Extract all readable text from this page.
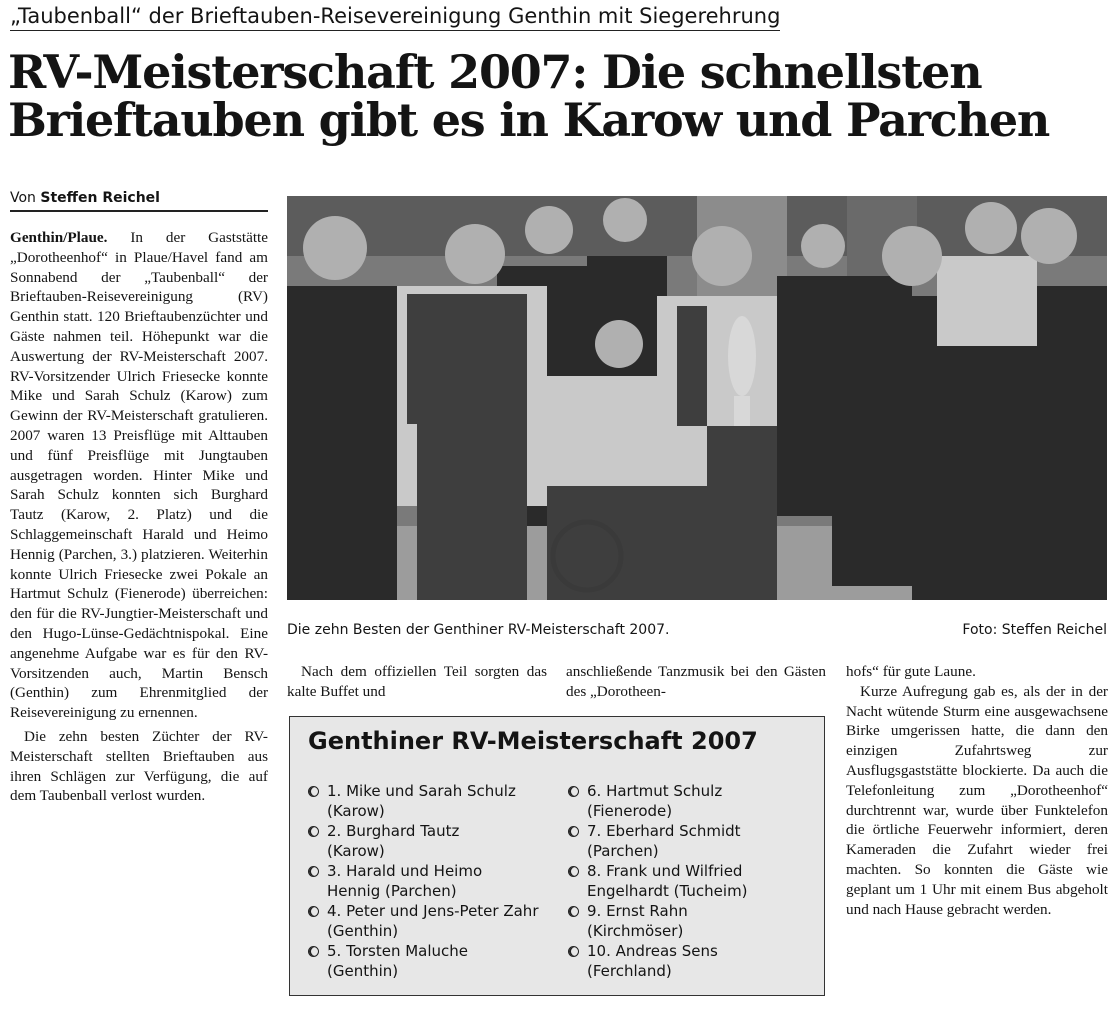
„Taubenball“ der Brieftauben-Reisevereinigung Genthin mit Siegerehrung
RV-Meisterschaft 2007: Die schnellsten
Brieftauben gibt es in Karow und Parchen
Von Steffen Reichel

Genthin/Plaue. In der Gaststätte „Dorotheenhof“ in Plaue/Havel fand am Sonnabend der „Taubenball“ der Brieftauben-Reisevereinigung (RV) Genthin statt. 120 Brieftaubenzüchter und Gäste nahmen teil. Höhepunkt war die Auswertung der RV-Meisterschaft 2007. RV-Vorsitzender Ulrich Friesecke konnte Mike und Sarah Schulz (Karow) zum Gewinn der RV-Meisterschaft gratulieren. 2007 waren 13 Preisflüge mit Alttauben und fünf Preisflüge mit Jungtauben ausgetragen worden. Hinter Mike und Sarah Schulz konnten sich Burghard Tautz (Karow, 2. Platz) und die Schlaggemeinschaft Harald und Heimo Hennig (Parchen, 3.) platzieren. Weiterhin konnte Ulrich Friesecke zwei Pokale an Hartmut Schulz (Fienerode) überreichen: den für die RV-Jungtier-Meisterschaft und den Hugo-Lünse-Gedächtnispokal. Eine angenehme Aufgabe war es für den RV-Vorsitzenden auch, Martin Bensch (Genthin) zum Ehrenmitglied der Reisevereinigung zu ernennen.

Die zehn besten Züchter der RV-Meisterschaft stellten Brieftauben aus ihren Schlägen zur Verfügung, die auf dem Taubenball verlost wurden.

Die zehn Besten der Genthiner RV-Meisterschaft 2007.	Foto: Steffen Reichel

Nach dem offiziellen Teil sorgten das kalte Buffet und

anschließende Tanzmusik bei den Gästen des „Dorotheen-

hofs“ für gute Laune.

Kurze Aufregung gab es, als der in der Nacht wütende Sturm eine ausgewachsene Birke umgerissen hatte, die dann den einzigen Zufahrtsweg zur Ausflugsgaststätte blockierte. Da auch die Telefonleitung zum „Dorotheenhof“ durchtrennt war, wurde über Funktelefon die örtliche Feuerwehr informiert, deren Kameraden die Zufahrt wieder frei machten. So konnten die Gäste wie geplant um 1 Uhr mit einem Bus abgeholt und nach Hause gebracht werden.

Genthiner RV-Meisterschaft 2007
1. Mike und Sarah Schulz
(Karow)
2. Burghard Tautz
(Karow)
3. Harald und Heimo
Hennig (Parchen)
4. Peter und Jens-Peter Zahr
(Genthin)
5. Torsten Maluche
(Genthin)
6. Hartmut Schulz
(Fienerode)
7. Eberhard Schmidt
(Parchen)
8. Frank und Wilfried
Engelhardt (Tucheim)
9. Ernst Rahn
(Kirchmöser)
10. Andreas Sens
(Ferchland)
